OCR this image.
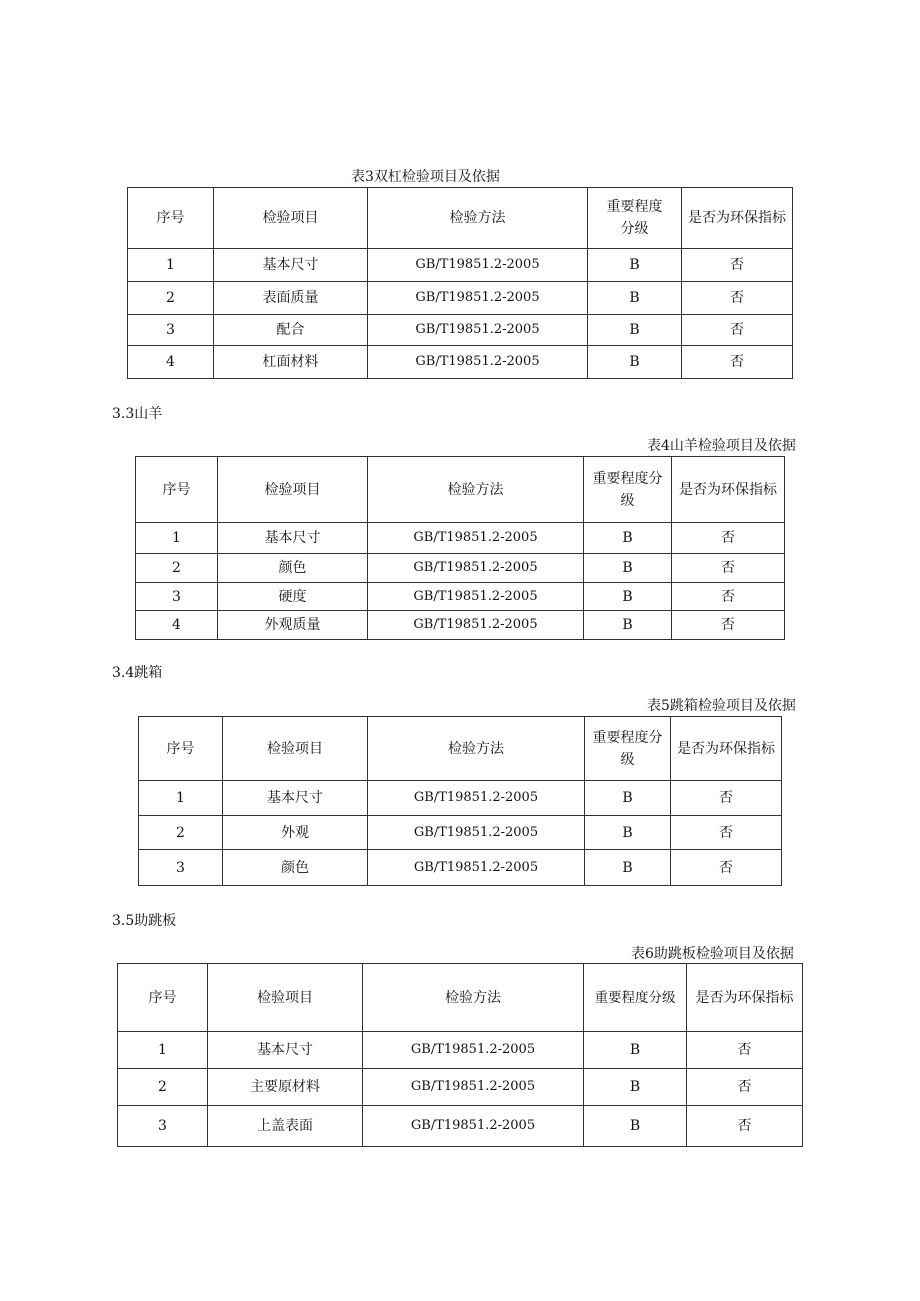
表3双杠检验项目及依据
序号	检验项目	检验方法	重要程度分级	是否为环保指标
1	基本尺寸	GB/T19851.2-2005	B	否
2	表面质量	GB/T19851.2-2005	B	否
3	配合	GB/T19851.2-2005	B	否
4	杠面材料	GB/T19851.2-2005	B	否
3.3山羊
表4山羊检验项目及依据
序号	检验项目	检验方法	重要程度分级	是否为环保指标
1	基本尺寸	GB/T19851.2-2005	B	否
2	颜色	GB/T19851.2-2005	B	否
3	硬度	GB/T19851.2-2005	B	否
4	外观质量	GB/T19851.2-2005	B	否
3.4跳箱
表5跳箱检验项目及依据
序号	检验项目	检验方法	重要程度分级	是否为环保指标
1	基本尺寸	GB/T19851.2-2005	B	否
2	外观	GB/T19851.2-2005	B	否
3	颜色	GB/T19851.2-2005	B	否
3.5助跳板
表6助跳板检验项目及依据
序号	检验项目	检验方法	重要程度分级	是否为环保指标
1	基本尺寸	GB/T19851.2-2005	B	否
2	主要原材料	GB/T19851.2-2005	B	否
3	上盖表面	GB/T19851.2-2005	B	否
